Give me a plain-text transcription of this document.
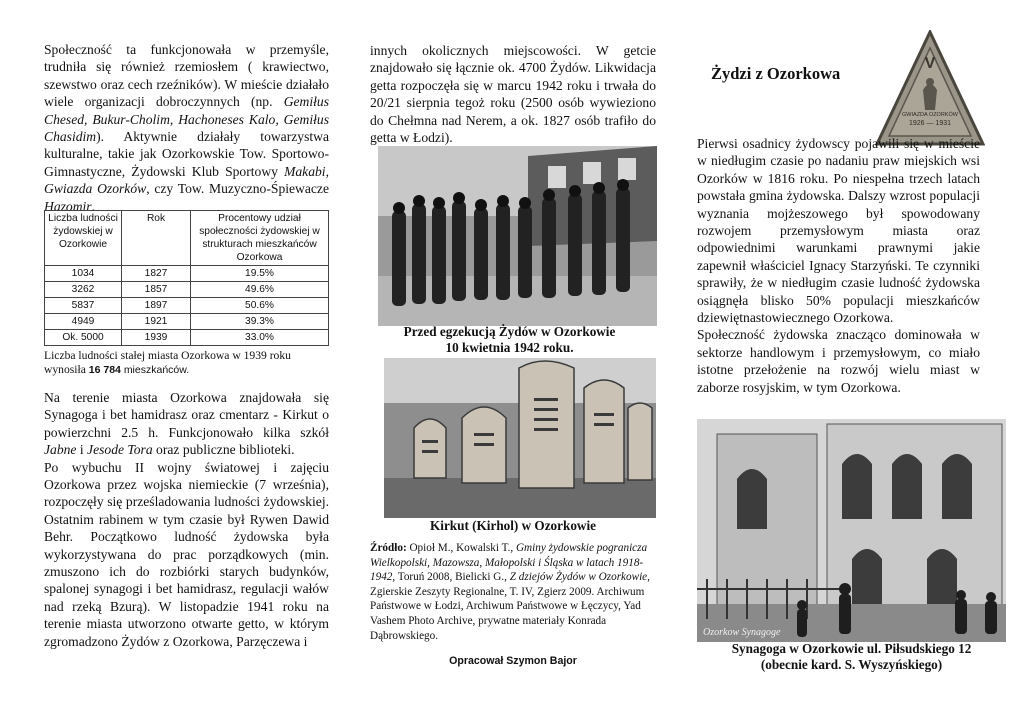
Społeczność ta funkcjonowała w przemyśle, trudniła się również rzemiosłem ( krawiectwo, szewstwo oraz cech rzeźników). W mieście działało wiele organizacji dobroczynnych (np. Gemiłus Chesed, Bukur-Cholim, Hachoneses Kalo, Gemiłus Chasidim). Aktywnie działały towarzystwa kulturalne, takie jak Ozorkowskie Tow. Sportowo-Gimnastyczne, Żydowski Klub Sportowy Makabi, Gwiazda Ozorków, czy Tow. Muzyczno-Śpiewacze Hazomir.

Liczba ludności żydowskiej w Ozorkowie	Rok	Procentowy udział społeczności żydowskiej w strukturach mieszkańców Ozorkowa
1034	1827	19.5%
3262	1857	49.6%
5837	1897	50.6%
4949	1921	39.3%
Ok. 5000	1939	33.0%
Liczba ludności stałej miasta Ozorkowa w 1939 roku wynosiła 16 784 mieszkańców.

Na terenie miasta Ozorkowa znajdowała się Synagoga i bet hamidrasz oraz cmentarz - Kirkut o powierzchni 2.5 h. Funkcjonowało kilka szkół Jabne i Jesode Tora oraz publiczne biblioteki.
Po wybuchu II wojny światowej i zajęciu Ozorkowa przez wojska niemieckie (7 września), rozpoczęły się prześladowania ludności żydowskiej. Ostatnim rabinem w tym czasie był Rywen Dawid Behr. Początkowo ludność żydowska była wykorzystywana do prac porządkowych (min. zmuszono ich do rozbiórki starych budynków, spalonej synagogi i bet hamidrasz, regulacji wałów nad rzeką Bzurą). W listopadzie 1941 roku na terenie miasta utworzono otwarte getto, w którym zgromadzono Żydów z Ozorkowa, Parzęczewa i

innych okolicznych miejscowości. W getcie znajdowało się łącznie ok. 4700 Żydów. Likwidacja getta rozpoczęła się w marcu 1942 roku i trwała do 20/21 sierpnia tegoż roku (2500 osób wywieziono do Chełmna nad Nerem, a ok. 1827 osób trafiło do getta w Łodzi).

Przed egzekucją Żydów w Ozorkowie
10 kwietnia 1942 roku.
Kirkut (Kirhol) w Ozorkowie
Źródło: Opioł M., Kowalski T., Gminy żydowskie pogranicza Wielkopolski, Mazowsza, Małopolski i Śląska w latach 1918-1942, Toruń 2008, Bielicki G., Z dziejów Żydów w Ozorkowie, Zgierskie Zeszyty Regionalne, T. IV, Zgierz 2009. Archiwum Państwowe w Łodzi, Archiwum Państwowe w Łęczycy, Yad Vashem Photo Archive, prywatne materiały Konrada Dąbrowskiego.
Opracował Szymon Bajor
Żydzi z Ozorkowa
V
1926 — 1931
GWIAZDA OZORKÓW

Pierwsi osadnicy żydowscy pojawili się w mieście w niedługim czasie po nadaniu praw miejskich wsi Ozorków w 1816 roku. Po niespełna trzech latach powstała gmina żydowska. Dalszy wzrost populacji wyznania mojżeszowego był spowodowany rozwojem przemysłowym miasta oraz odpowiednimi warunkami prawnymi jakie zapewnił właściciel Ignacy Starzyński. Te czynniki sprawiły, że w niedługim czasie ludność żydowska osiągnęła blisko 50% populacji mieszkańców dziewiętnastowiecznego Ozorkowa.
Społeczność żydowska znacząco dominowała w sektorze handlowym i przemysłowym, co miało istotne przełożenie na rozwój wielu miast w zaborze rosyjskim, w tym Ozorkowa.

Ozorkow Synagoge
Synagoga w Ozorkowie ul. Piłsudskiego 12
(obecnie kard. S. Wyszyńskiego)
